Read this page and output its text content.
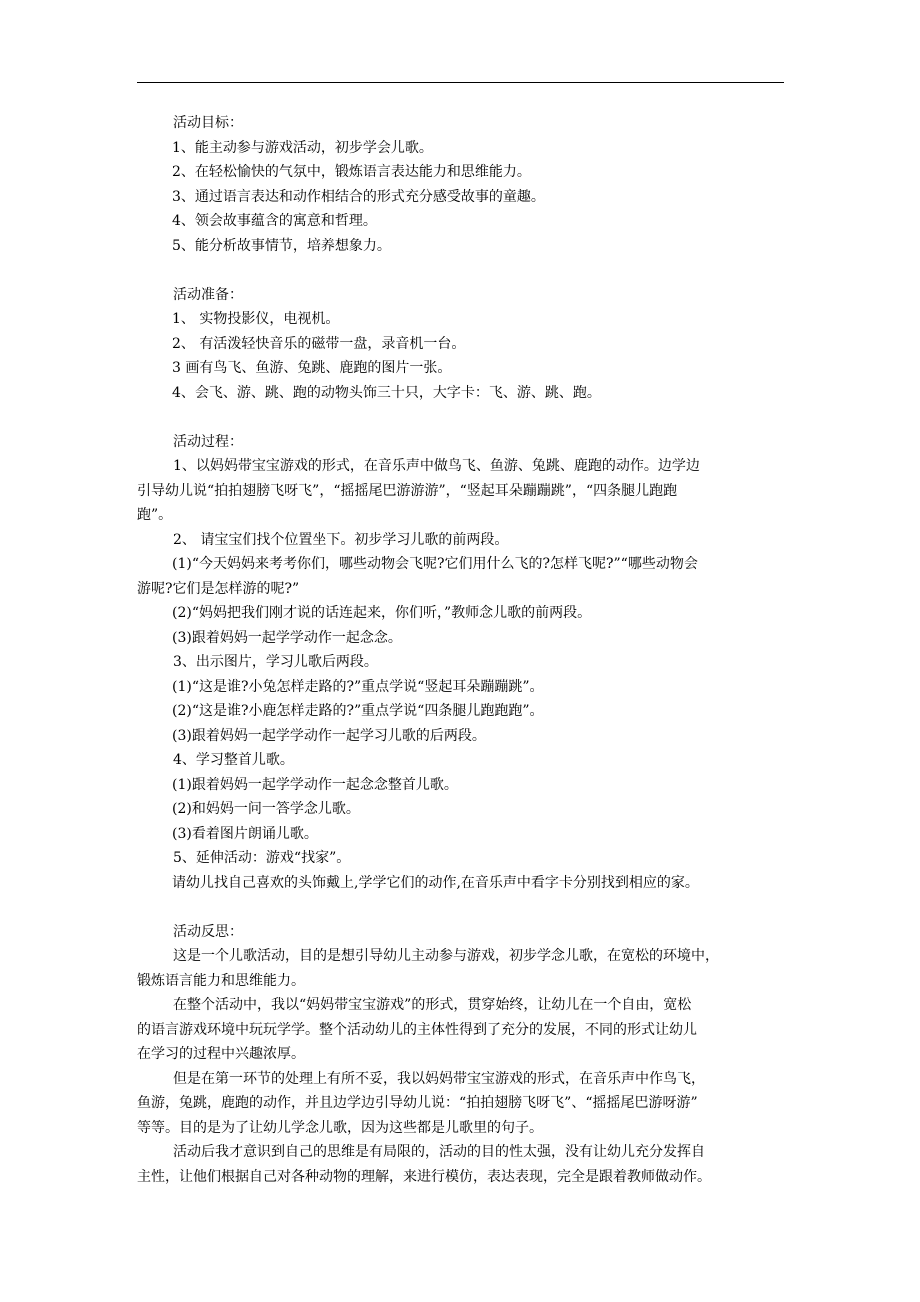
活动目标：

1、能主动参与游戏活动，初步学会儿歌。

2、在轻松愉快的气氛中，锻炼语言表达能力和思维能力。

3、通过语言表达和动作相结合的形式充分感受故事的童趣。

4、领会故事蕴含的寓意和哲理。

5、能分析故事情节，培养想象力。

活动准备：

1、 实物投影仪，电视机。

2、 有活泼轻快音乐的磁带一盘，录音机一台。

3 画有鸟飞、鱼游、兔跳、鹿跑的图片一张。

4、会飞、游、跳、跑的动物头饰三十只，大字卡：飞、游、跳、跑。

活动过程：

1、以妈妈带宝宝游戏的形式，在音乐声中做鸟飞、鱼游、兔跳、鹿跑的动作。边学边

引导幼儿说“拍拍翅膀飞呀飞”，“摇摇尾巴游游游”，“竖起耳朵蹦蹦跳”，“四条腿儿跑跑

跑”。

2、 请宝宝们找个位置坐下。初步学习儿歌的前两段。

(1)“今天妈妈来考考你们，哪些动物会飞呢?它们用什么飞的?怎样飞呢?”“哪些动物会

游呢?它们是怎样游的呢?”

(2)“妈妈把我们刚才说的话连起来，你们听，”教师念儿歌的前两段。

(3)跟着妈妈一起学学动作一起念念。

3、出示图片，学习儿歌后两段。

(1)“这是谁?小兔怎样走路的?”重点学说“竖起耳朵蹦蹦跳”。

(2)“这是谁?小鹿怎样走路的?”重点学说“四条腿儿跑跑跑”。

(3)跟着妈妈一起学学动作一起学习儿歌的后两段。

4、学习整首儿歌。

(1)跟着妈妈一起学学动作一起念念整首儿歌。

(2)和妈妈一问一答学念儿歌。

(3)看着图片朗诵儿歌。

5、延伸活动：游戏“找家”。

请幼儿找自己喜欢的头饰戴上,学学它们的动作,在音乐声中看字卡分别找到相应的家。

活动反思：

这是一个儿歌活动，目的是想引导幼儿主动参与游戏，初步学念儿歌，在宽松的环境中，

锻炼语言能力和思维能力。

在整个活动中，我以“妈妈带宝宝游戏”的形式，贯穿始终，让幼儿在一个自由，宽松

的语言游戏环境中玩玩学学。整个活动幼儿的主体性得到了充分的发展，不同的形式让幼儿

在学习的过程中兴趣浓厚。

但是在第一环节的处理上有所不妥，我以妈妈带宝宝游戏的形式，在音乐声中作鸟飞，

鱼游，兔跳，鹿跑的动作，并且边学边引导幼儿说：“拍拍翅膀飞呀飞”、“摇摇尾巴游呀游”

等等。目的是为了让幼儿学念儿歌，因为这些都是儿歌里的句子。

活动后我才意识到自己的思维是有局限的，活动的目的性太强，没有让幼儿充分发挥自

主性，让他们根据自己对各种动物的理解，来进行模仿，表达表现，完全是跟着教师做动作。
